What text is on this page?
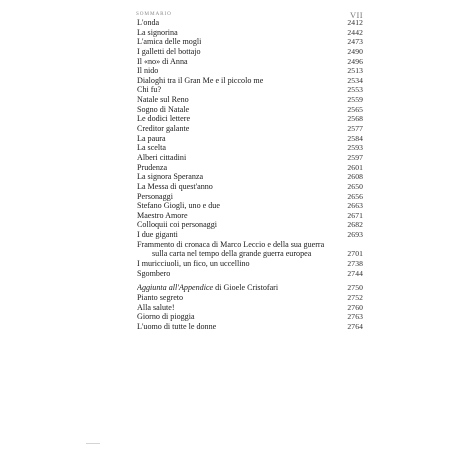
SOMMARIO	VII
L'onda	2412
La signorina	2442
L'amica delle mogli	2473
I galletti del bottajo	2490
Il «no» di Anna	2496
Il nido	2513
Dialoghi tra il Gran Me e il piccolo me	2534
Chi fu?	2553
Natale sul Reno	2559
Sogno di Natale	2565
Le dodici lettere	2568
Creditor galante	2577
La paura	2584
La scelta	2593
Alberi cittadini	2597
Prudenza	2601
La signora Speranza	2608
La Messa di quest'anno	2650
Personaggi	2656
Stefano Giogli, uno e due	2663
Maestro Amore	2671
Colloquii coi personaggi	2682
I due giganti	2693
Frammento di cronaca di Marco Leccio e della sua guerra
sulla carta nel tempo della grande guerra europea	2701
I muricciuoli, un fico, un uccellino	2738
Sgombero	2744
Aggiunta all'Appendice di Gioele Cristofari	2750
Pianto segreto	2752
Alla salute!	2760
Giorno di pioggia	2763
L'uomo di tutte le donne	2764
